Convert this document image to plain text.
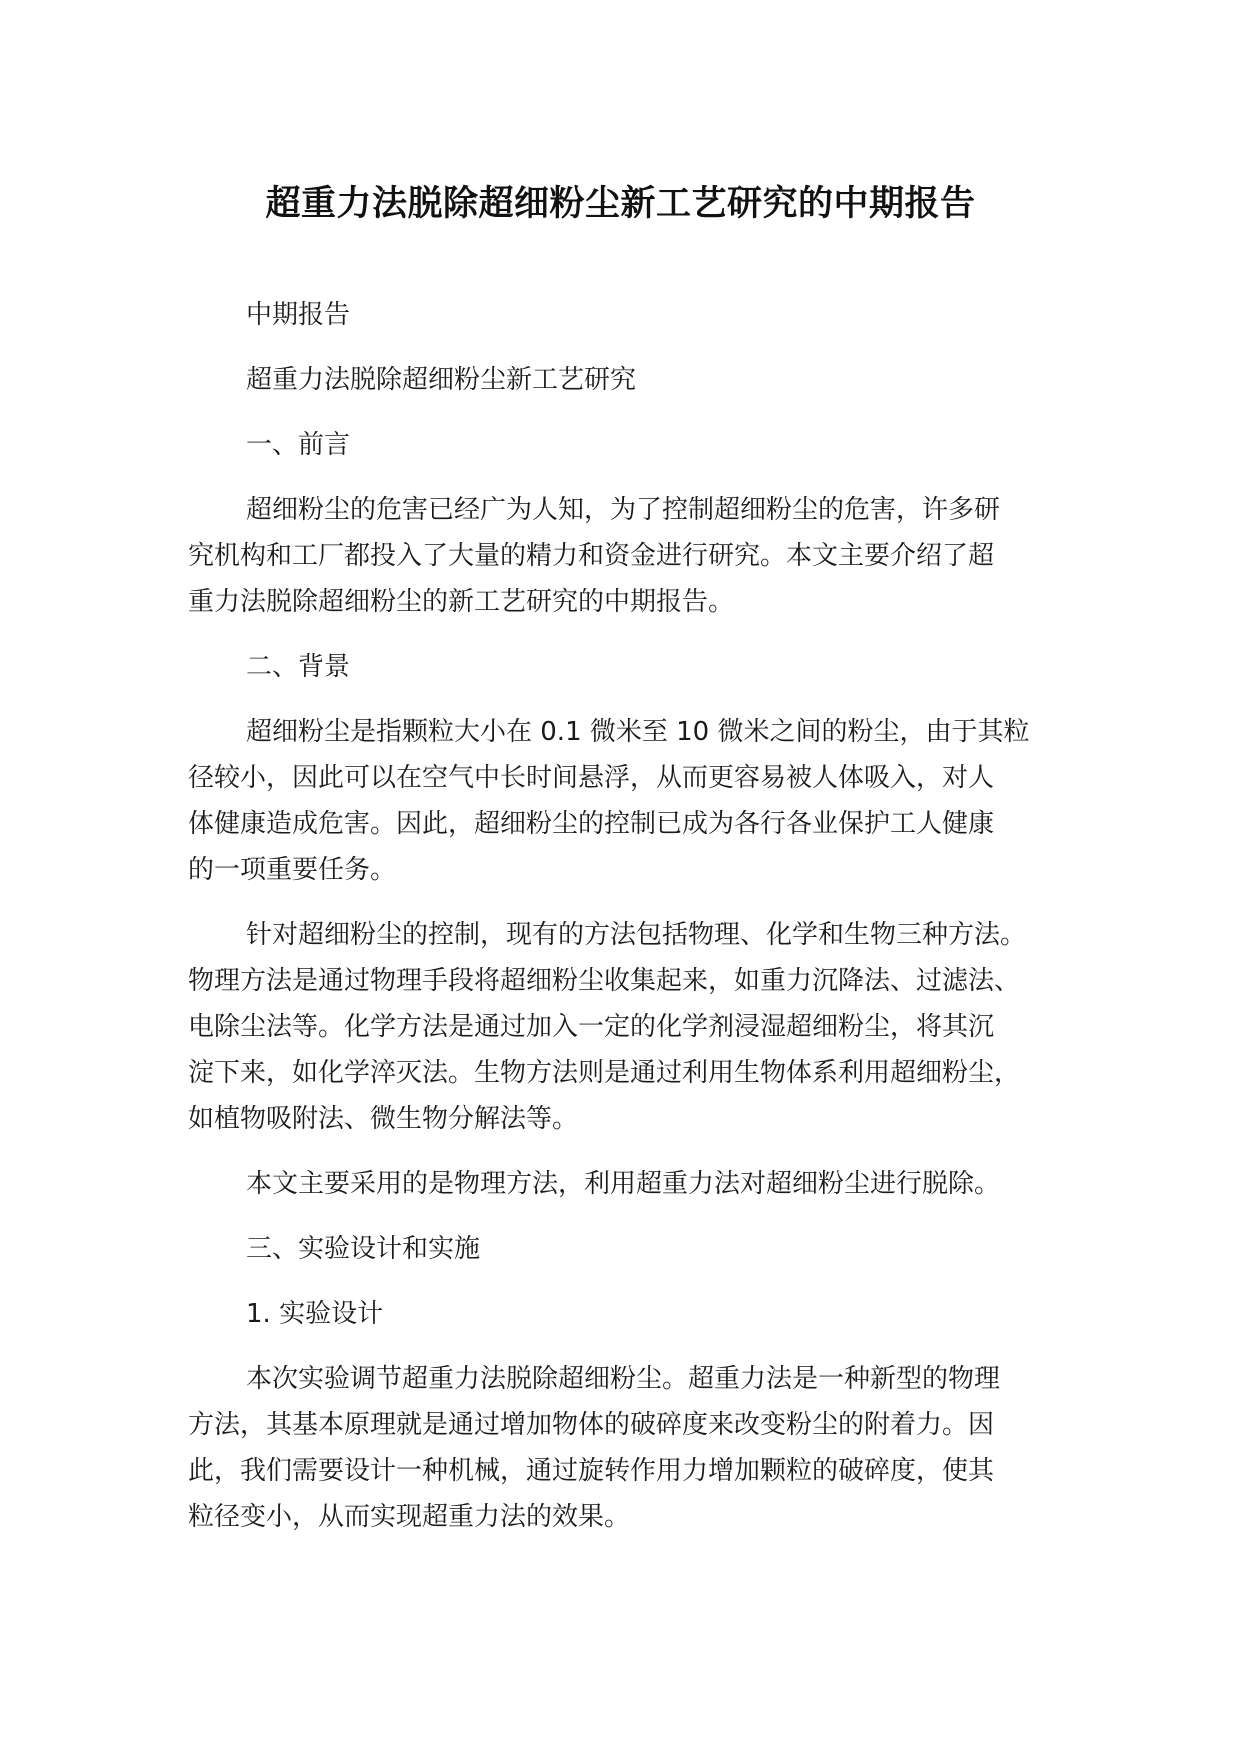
超重力法脱除超细粉尘新工艺研究的中期报告
中期报告
超重力法脱除超细粉尘新工艺研究
一、前言
超细粉尘的危害已经广为人知，为了控制超细粉尘的危害，许多研
究机构和工厂都投入了大量的精力和资金进行研究。本文主要介绍了超
重力法脱除超细粉尘的新工艺研究的中期报告。
二、背景
超细粉尘是指颗粒大小在 0.1 微米至 10 微米之间的粉尘，由于其粒
径较小，因此可以在空气中长时间悬浮，从而更容易被人体吸入，对人
体健康造成危害。因此，超细粉尘的控制已成为各行各业保护工人健康
的一项重要任务。
针对超细粉尘的控制，现有的方法包括物理、化学和生物三种方法。
物理方法是通过物理手段将超细粉尘收集起来，如重力沉降法、过滤法、
电除尘法等。化学方法是通过加入一定的化学剂浸湿超细粉尘，将其沉
淀下来，如化学淬灭法。生物方法则是通过利用生物体系利用超细粉尘，
如植物吸附法、微生物分解法等。
本文主要采用的是物理方法，利用超重力法对超细粉尘进行脱除。
三、实验设计和实施
1. 实验设计
本次实验调节超重力法脱除超细粉尘。超重力法是一种新型的物理
方法，其基本原理就是通过增加物体的破碎度来改变粉尘的附着力。因
此，我们需要设计一种机械，通过旋转作用力增加颗粒的破碎度，使其
粒径变小，从而实现超重力法的效果。
